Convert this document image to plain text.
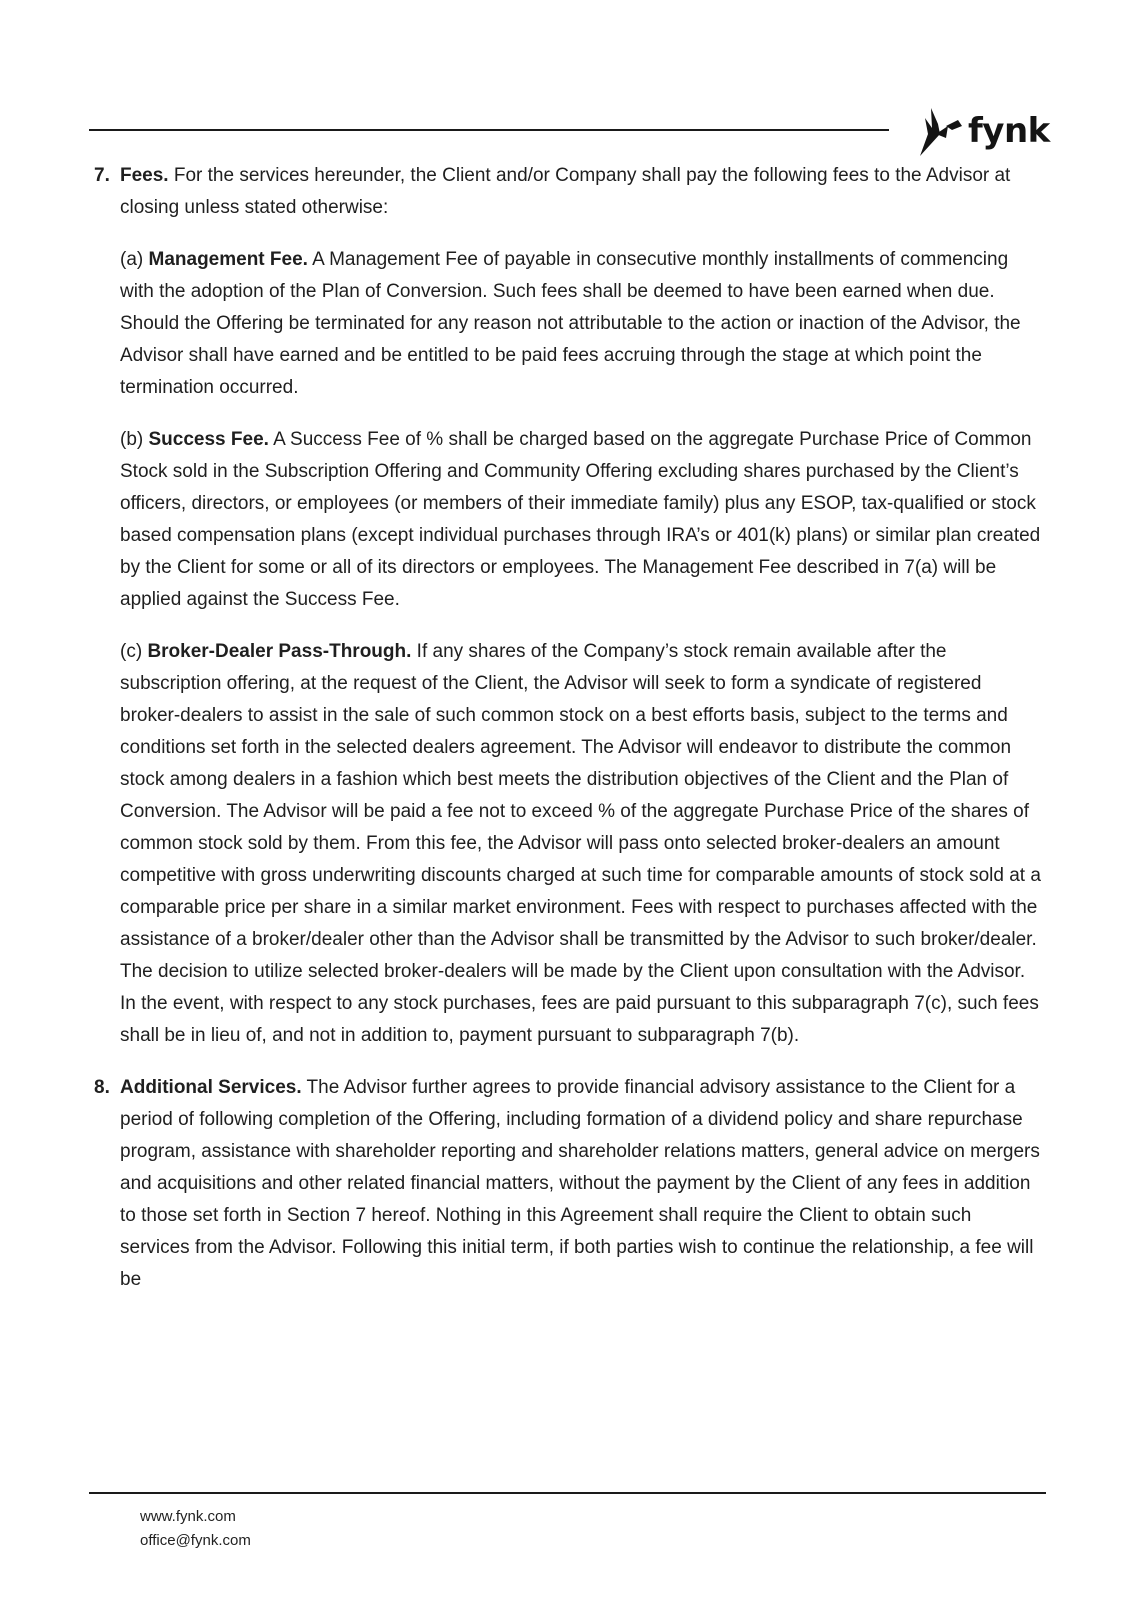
fynk
7. Fees. For the services hereunder, the Client and/or Company shall pay the following fees to the Advisor at closing unless stated otherwise:
(a) Management Fee. A Management Fee of payable in consecutive monthly installments of commencing with the adoption of the Plan of Conversion. Such fees shall be deemed to have been earned when due. Should the Offering be terminated for any reason not attributable to the action or inaction of the Advisor, the Advisor shall have earned and be entitled to be paid fees accruing through the stage at which point the termination occurred.
(b) Success Fee. A Success Fee of % shall be charged based on the aggregate Purchase Price of Common Stock sold in the Subscription Offering and Community Offering excluding shares purchased by the Client’s officers, directors, or employees (or members of their immediate family) plus any ESOP, tax-qualified or stock based compensation plans (except individual purchases through IRA’s or 401(k) plans) or similar plan created by the Client for some or all of its directors or employees. The Management Fee described in 7(a) will be applied against the Success Fee.
(c) Broker-Dealer Pass-Through. If any shares of the Company’s stock remain available after the subscription offering, at the request of the Client, the Advisor will seek to form a syndicate of registered broker-dealers to assist in the sale of such common stock on a best efforts basis, subject to the terms and conditions set forth in the selected dealers agreement. The Advisor will endeavor to distribute the common stock among dealers in a fashion which best meets the distribution objectives of the Client and the Plan of Conversion. The Advisor will be paid a fee not to exceed % of the aggregate Purchase Price of the shares of common stock sold by them. From this fee, the Advisor will pass onto selected broker-dealers an amount competitive with gross underwriting discounts charged at such time for comparable amounts of stock sold at a comparable price per share in a similar market environment. Fees with respect to purchases affected with the assistance of a broker/dealer other than the Advisor shall be transmitted by the Advisor to such broker/dealer. The decision to utilize selected broker-dealers will be made by the Client upon consultation with the Advisor. In the event, with respect to any stock purchases, fees are paid pursuant to this subparagraph 7(c), such fees shall be in lieu of, and not in addition to, payment pursuant to subparagraph 7(b).
8. Additional Services. The Advisor further agrees to provide financial advisory assistance to the Client for a period of following completion of the Offering, including formation of a dividend policy and share repurchase program, assistance with shareholder reporting and shareholder relations matters, general advice on mergers and acquisitions and other related financial matters, without the payment by the Client of any fees in addition to those set forth in Section 7 hereof. Nothing in this Agreement shall require the Client to obtain such services from the Advisor. Following this initial term, if both parties wish to continue the relationship, a fee will be
www.fynk.com
office@fynk.com
